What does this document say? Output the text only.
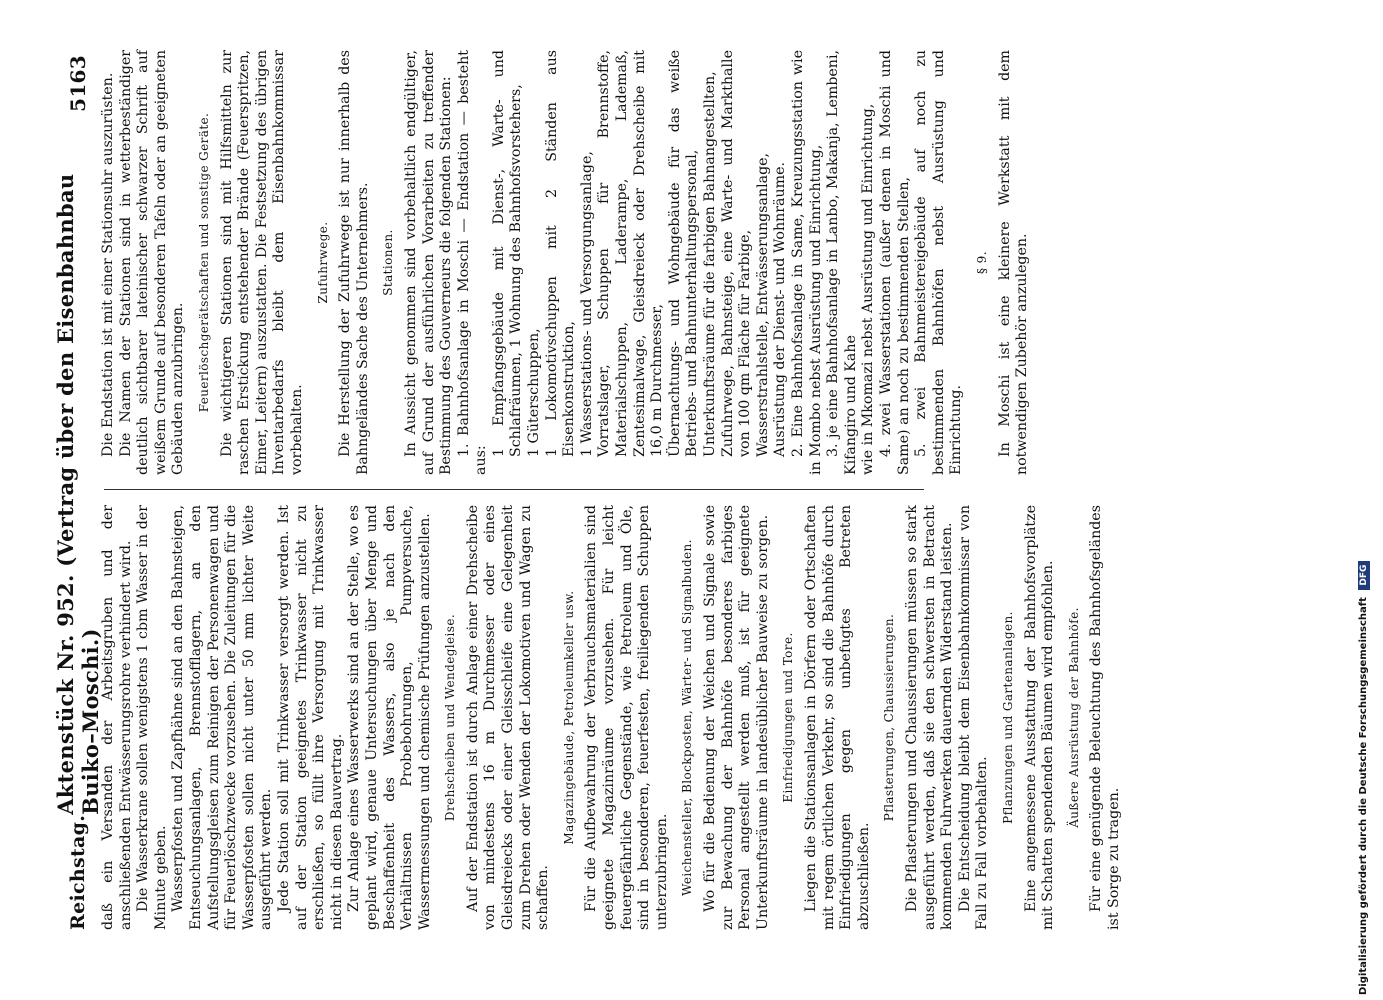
Reichstag.
Aktenstück Nr. 952. (Vertrag über den Eisenbahnbau Buiko–Moschi.)
5163

daß ein Versanden der Arbeitsgruben und der anschließenden Entwässerungsrohre verhindert wird. Die Wasserkrane sollen wenigstens 1 cbm Wasser in der Minute geben. Wasserpfosten und Zapfhähne sind an den Bahnsteigen, Entseuchungsanlagen, Brennstofflagern, an den Aufstellungsgleisen zum Reinigen der Personenwagen und für Feuerlöschzwecke vorzusehen. Die Zuleitungen für die Wasserpfosten sollen nicht unter 50 mm lichter Weite ausgeführt werden. Jede Station soll mit Trinkwasser versorgt werden. Ist auf der Station geeignetes Trinkwasser nicht zu erschließen, so füllt ihre Versorgung mit Trinkwasser nicht in diesen Bauvertrag. Zur Anlage eines Wasserwerks sind an der Stelle, wo es geplant wird, genaue Untersuchungen über Menge und Beschaffenheit des Wassers, also je nach den Verhältnissen Probebohrungen, Pumpversuche, Wassermessungen und chemische Prüfungen anzustellen. Drehscheiben und Wendegleise. Auf der Endstation ist durch Anlage einer Drehscheibe von mindestens 16 m Durchmesser oder eines Gleisdreiecks oder einer Gleisschleife eine Gelegenheit zum Drehen oder Wenden der Lokomotiven und Wagen zu schaffen.

Magazingebäude, Petroleumkeller usw. Für die Aufbewahrung der Verbrauchsmaterialien sind geeignete Magazinräume vorzusehen. Für leicht feuergefährliche Gegenstände, wie Petroleum und Öle, sind in besonderen, feuerfesten, freiliegenden Schuppen unterzubringen. Weichensteller, Blockposten, Wärter- und Signalbuden. Wo für die Bedienung der Weichen und Signale sowie zur Bewachung der Bahnhöfe besonderes farbiges Personal angestellt werden muß, ist für geeignete Unterkunftsräume in landesüblicher Bauweise zu sorgen. Einfriedigungen und Tore. Liegen die Stationsanlagen in Dörfern oder Ortschaften mit regem örtlichen Verkehr, so sind die Bahnhöfe durch Einfriedigungen gegen unbefugtes Betreten abzuschließen.

Pflasterungen, Chaussierungen. Die Pflasterungen und Chaussierungen müssen so stark ausgeführt werden, daß sie den schwersten in Betracht kommenden Fuhrwerken dauernden Widerstand leisten. Die Entscheidung bleibt dem Eisenbahnkommissar von Fall zu Fall vorbehalten.

Pflanzungen und Gartenanlagen. Eine angemessene Ausstattung der Bahnhofsvorplätze mit Schatten spendenden Bäumen wird empfohlen. Äußere Ausrüstung der Bahnhöfe. Für eine genügende Beleuchtung des Bahnhofsgeländes ist Sorge zu tragen.

Die Endstation ist mit einer Stationsuhr auszurüsten. Die Namen der Stationen sind in wetterbeständiger deutlich sichtbarer lateinischer schwarzer Schrift auf weißem Grunde auf besonderen Tafeln oder an geeigneten Gebäuden anzubringen. Feuerlöschgerätschaften und sonstige Geräte. Die wichtigeren Stationen sind mit Hilfsmitteln zur raschen Erstickung entstehender Brände (Feuerspritzen, Eimer, Leitern) auszustatten. Die Festsetzung des übrigen Inventarbedarfs bleibt dem Eisenbahnkommissar vorbehalten.

Zufuhrwege. Die Herstellung der Zufuhrwege ist nur innerhalb des Bahngeländes Sache des Unternehmers. Stationen. In Aussicht genommen sind vorbehaltlich endgültiger, auf Grund der ausführlichen Vorarbeiten zu treffender Bestimmung des Gouverneurs die folgenden Stationen: 1. Bahnhofsanlage in Moschi — Endstation — besteht aus:

1 Empfangsgebäude mit Dienst-, Warte- und Schlafräumen, 1 Wohnung des Bahnhofsvorstehers, 1 Güterschuppen, 1 Lokomotivschuppen mit 2 Ständen aus Eisenkonstruktion, 1 Wasserstations- und Versorgungsanlage, Vorratslager, Schuppen für Brennstoffe, Materialschuppen, Laderampe, Lademaß, Zentesimalwage, Gleisdreieck oder Drehscheibe mit 16,0 m Durchmesser, Übernachtungs- und Wohngebäude für das weiße Betriebs- und Bahnunterhaltungspersonal, Unterkunftsräume für die farbigen Bahnangestellten, Zufuhrwege, Bahnsteige, eine Warte- und Markthalle von 100 qm Fläche für Farbige, Wasserstrahlstelle, Entwässerungsanlage, Ausrüstung der Dienst- und Wohnräume. 2. Eine Bahnhofsanlage in Same, Kreuzungsstation wie in Mombo nebst Ausrüstung und Einrichtung, 3. je eine Bahnhofsanlage in Lanbo, Makanja, Lembeni, Kifangiro und Kahe wie in Mkomazi nebst Ausrüstung und Einrichtung, 4. zwei Wasserstationen (außer denen in Moschi und Same) an noch zu bestimmenden Stellen, 5. zwei Bahnmeistereigebäude auf noch zu bestimmenden Bahnhöfen nebst Ausrüstung und Einrichtung.

§ 9. In Moschi ist eine kleinere Werkstatt mit dem notwendigen Zubehör anzulegen.

Digitalisierung gefördert durch die Deutsche Forschungsgemeinschaft DFG
